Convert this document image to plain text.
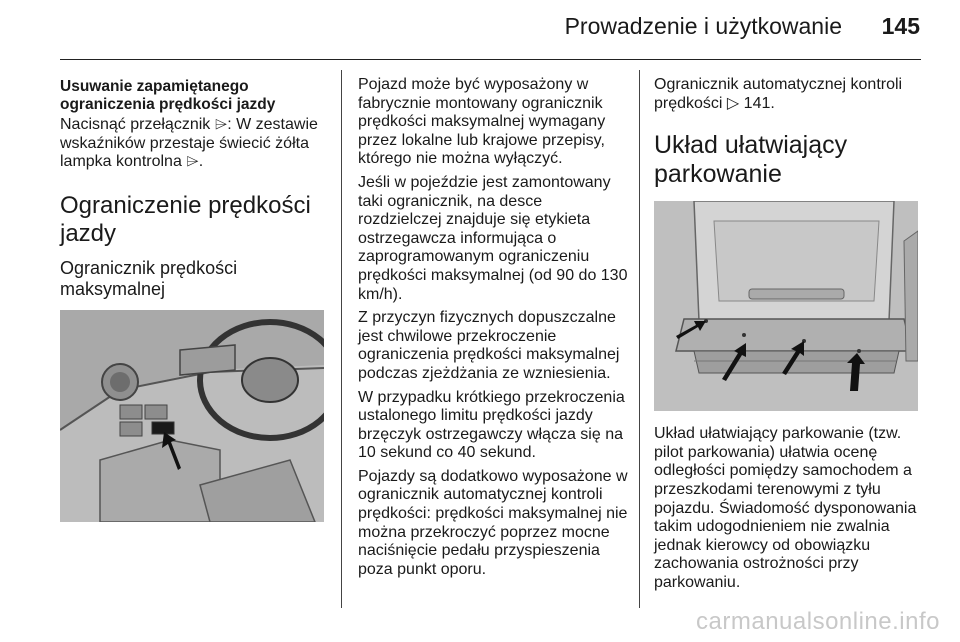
Prowadzenie i użytkowanie 145
Usuwanie zapamiętanego ograniczenia prędkości jazdy
Nacisnąć przełącznik ⌲: W zestawie wskaźników przestaje świecić żółta lampka kontrolna ⌲.
Ograniczenie prędkości jazdy
Ogranicznik prędkości maksymalnej
Pojazd może być wyposażony w fabrycznie montowany ogranicznik prędkości maksymalnej wymagany przez lokalne lub krajowe przepisy, którego nie można wyłączyć.
Jeśli w pojeździe jest zamontowany taki ogranicznik, na desce rozdzielczej znajduje się etykieta ostrzegawcza informująca o zaprogramowanym ograniczeniu prędkości maksymalnej (od 90 do 130 km/h).
Z przyczyn fizycznych dopuszczalne jest chwilowe przekroczenie ograniczenia prędkości maksymalnej podczas zjeżdżania ze wzniesienia.
W przypadku krótkiego przekroczenia ustalonego limitu prędkości jazdy brzęczyk ostrzegawczy włącza się na 10 sekund co 40 sekund.
Pojazdy są dodatkowo wyposażone w ogranicznik automatycznej kontroli prędkości: prędkości maksymalnej nie można przekroczyć poprzez mocne naciśnięcie pedału przyspieszenia poza punkt oporu.
Ogranicznik automatycznej kontroli prędkości ▷ 141.
Układ ułatwiający parkowanie
Układ ułatwiający parkowanie (tzw. pilot parkowania) ułatwia ocenę odległości pomiędzy samochodem a przeszkodami terenowymi z tyłu pojazdu. Świadomość dysponowania takim udogodnieniem nie zwalnia jednak kierowcy od obowiązku zachowania ostrożności przy parkowaniu.
carmanualsonline.info
